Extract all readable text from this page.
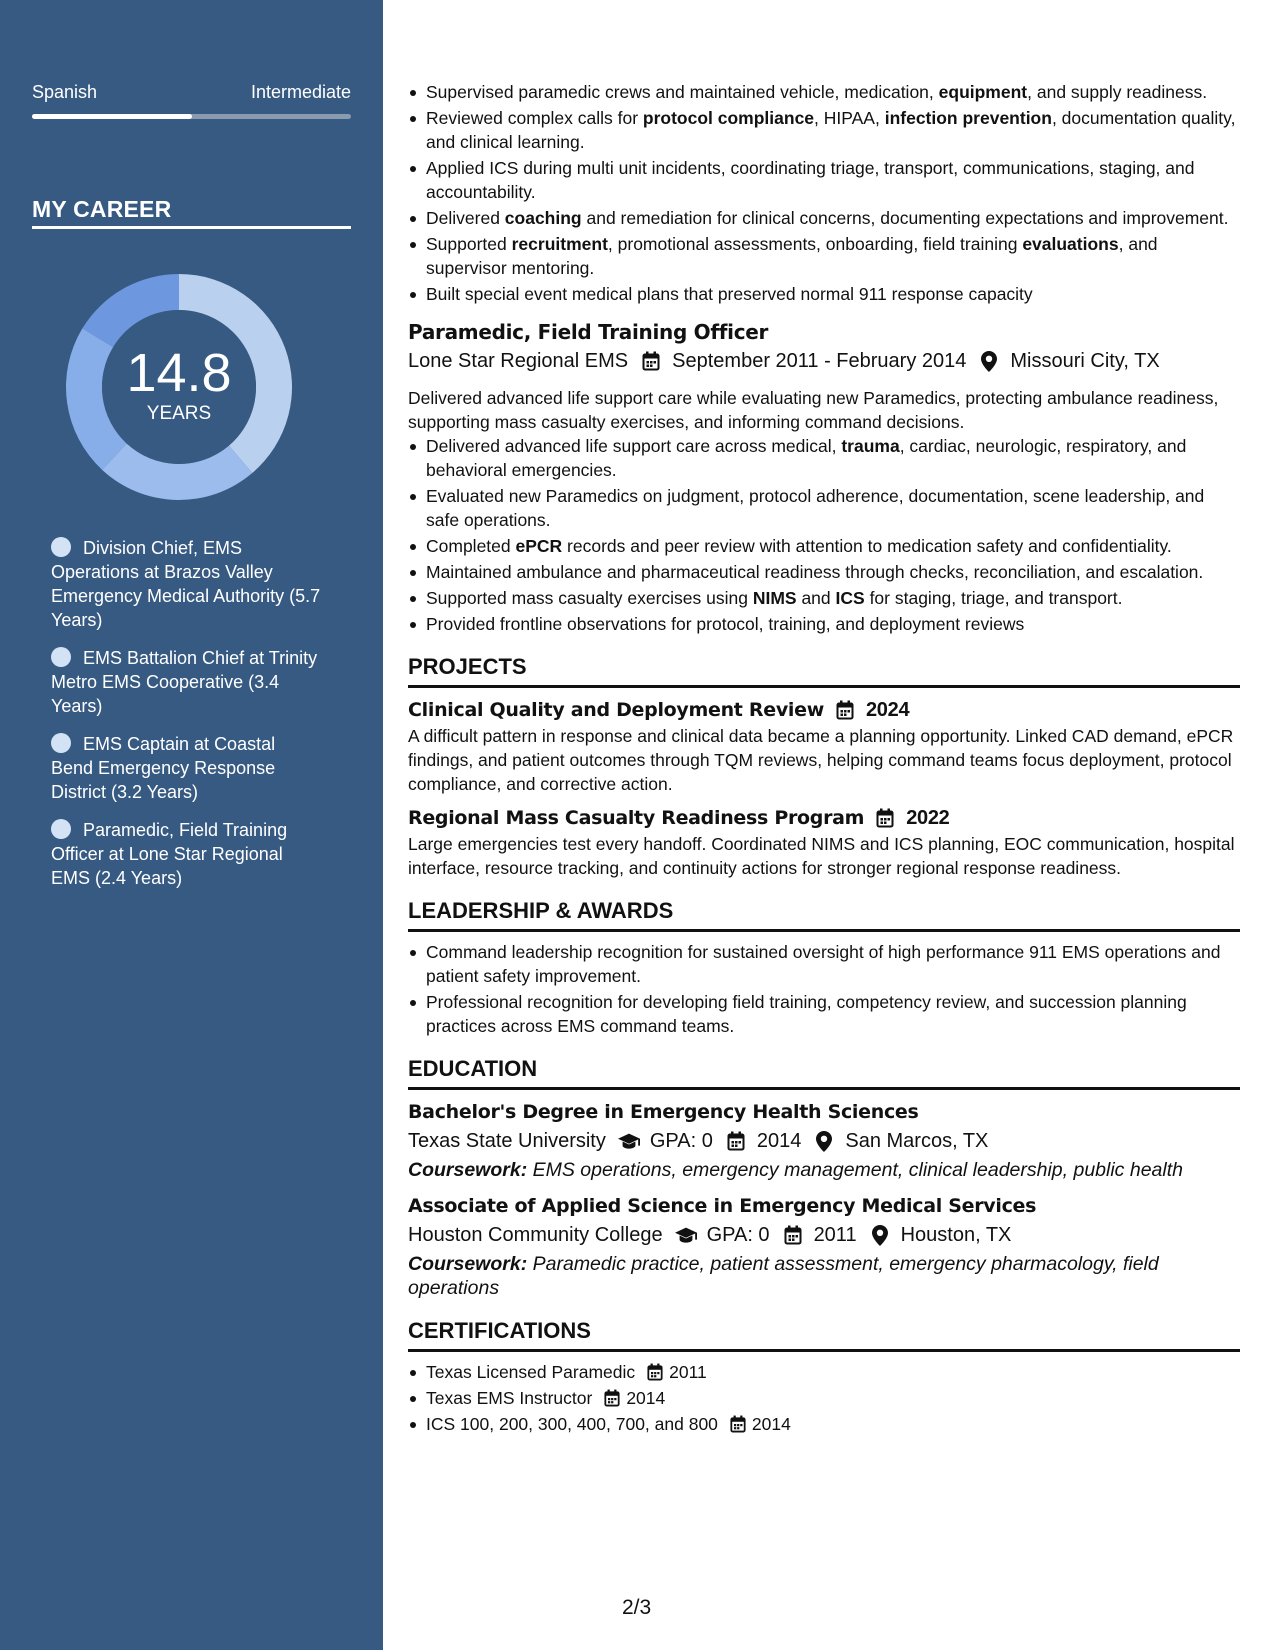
Spanish	Intermediate
MY CAREER
14.8
YEARS
Division Chief, EMS Operations at Brazos Valley Emergency Medical Authority (5.7 Years)
EMS Battalion Chief at Trinity Metro EMS Cooperative (3.4 Years)
EMS Captain at Coastal Bend Emergency Response District (3.2 Years)
Paramedic, Field Training Officer at Lone Star Regional EMS (2.4 Years)
Supervised paramedic crews and maintained vehicle, medication, equipment, and supply readiness.
Reviewed complex calls for protocol compliance, HIPAA, infection prevention, documentation quality, and clinical learning.
Applied ICS during multi unit incidents, coordinating triage, transport, communications, staging, and accountability.
Delivered coaching and remediation for clinical concerns, documenting expectations and improvement.
Supported recruitment, promotional assessments, onboarding, field training evaluations, and supervisor mentoring.
Built special event medical plans that preserved normal 911 response capacity
Paramedic, Field Training Officer
Lone Star Regional EMS September 2011 - February 2014 Missouri City, TX
Delivered advanced life support care while evaluating new Paramedics, protecting ambulance readiness, supporting mass casualty exercises, and informing command decisions.
Delivered advanced life support care across medical, trauma, cardiac, neurologic, respiratory, and behavioral emergencies.
Evaluated new Paramedics on judgment, protocol adherence, documentation, scene leadership, and safe operations.
Completed ePCR records and peer review with attention to medication safety and confidentiality.
Maintained ambulance and pharmaceutical readiness through checks, reconciliation, and escalation.
Supported mass casualty exercises using NIMS and ICS for staging, triage, and transport.
Provided frontline observations for protocol, training, and deployment reviews
PROJECTS
Clinical Quality and Deployment Review 2024
A difficult pattern in response and clinical data became a planning opportunity. Linked CAD demand, ePCR findings, and patient outcomes through TQM reviews, helping command teams focus deployment, protocol compliance, and corrective action.
Regional Mass Casualty Readiness Program 2022
Large emergencies test every handoff. Coordinated NIMS and ICS planning, EOC communication, hospital interface, resource tracking, and continuity actions for stronger regional response readiness.
LEADERSHIP & AWARDS
Command leadership recognition for sustained oversight of high performance 911 EMS operations and patient safety improvement.
Professional recognition for developing field training, competency review, and succession planning practices across EMS command teams.
EDUCATION
Bachelor's Degree in Emergency Health Sciences
Texas State University GPA: 0 2014 San Marcos, TX
Coursework: EMS operations, emergency management, clinical leadership, public health
Associate of Applied Science in Emergency Medical Services
Houston Community College GPA: 0 2011 Houston, TX
Coursework: Paramedic practice, patient assessment, emergency pharmacology, field operations
CERTIFICATIONS
Texas Licensed Paramedic 2011
Texas EMS Instructor 2014
ICS 100, 200, 300, 400, 700, and 800 2014
2/3
